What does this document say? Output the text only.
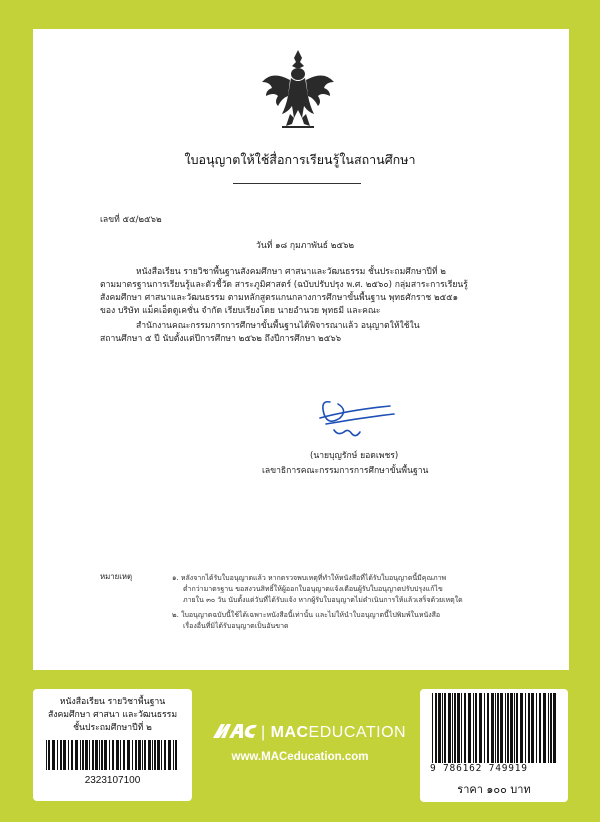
ใบอนุญาตให้ใช้สื่อการเรียนรู้ในสถานศึกษา
เลขที่ ๕๕/๒๕๖๒
วันที่ ๑๘ กุมภาพันธ์ ๒๕๖๒
หนังสือเรียน รายวิชาพื้นฐานสังคมศึกษา ศาสนาและวัฒนธรรม ชั้นประถมศึกษาปีที่ ๒
ตามมาตรฐานการเรียนรู้และตัวชี้วัด สาระภูมิศาสตร์ (ฉบับปรับปรุง พ.ศ. ๒๕๖๐) กลุ่มสาระการเรียนรู้
สังคมศึกษา ศาสนาและวัฒนธรรม ตามหลักสูตรแกนกลางการศึกษาขั้นพื้นฐาน พุทธศักราช ๒๕๕๑
ของ บริษัท แม็คเอ็ดดูเคชั่น จำกัด เรียบเรียงโดย นายอำนวย พุทธมี และคณะ
สำนักงานคณะกรรมการการศึกษาขั้นพื้นฐานได้พิจารณาแล้ว อนุญาตให้ใช้ใน
สถานศึกษา ๕ ปี นับตั้งแต่ปีการศึกษา ๒๕๖๒ ถึงปีการศึกษา ๒๕๖๖
(นายบุญรักษ์ ยอดเพชร)
เลขาธิการคณะกรรมการการศึกษาขั้นพื้นฐาน
หมายเหตุ	๑. หลังจากได้รับใบอนุญาตแล้ว หากตรวจพบเหตุที่ทำให้หนังสือที่ได้รับใบอนุญาตนี้มีคุณภาพ
ต่ำกว่ามาตรฐาน ขอสงวนสิทธิ์ให้ผู้ออกใบอนุญาตแจ้งเตือนผู้รับใบอนุญาตปรับปรุงแก้ไข
ภายใน ๓๐ วัน นับตั้งแต่วันที่ได้รับแจ้ง หากผู้รับใบอนุญาตไม่ดำเนินการให้แล้วเสร็จด้วยเหตุใด
๒. ใบอนุญาตฉบับนี้ใช้ได้เฉพาะหนังสือนี้เท่านั้น และไม่ให้นำใบอนุญาตนี้ไปพิมพ์ในหนังสือ
เรื่องอื่นที่มิได้รับอนุญาตเป็นอันขาด
หนังสือเรียน รายวิชาพื้นฐาน
สังคมศึกษา ศาสนา และวัฒนธรรม
ชั้นประถมศึกษาปีที่ ๒
2323107100
| MACEDUCATION
www.MACeducation.com
9 786162 749919
ราคา ๑๐๐ บาท
